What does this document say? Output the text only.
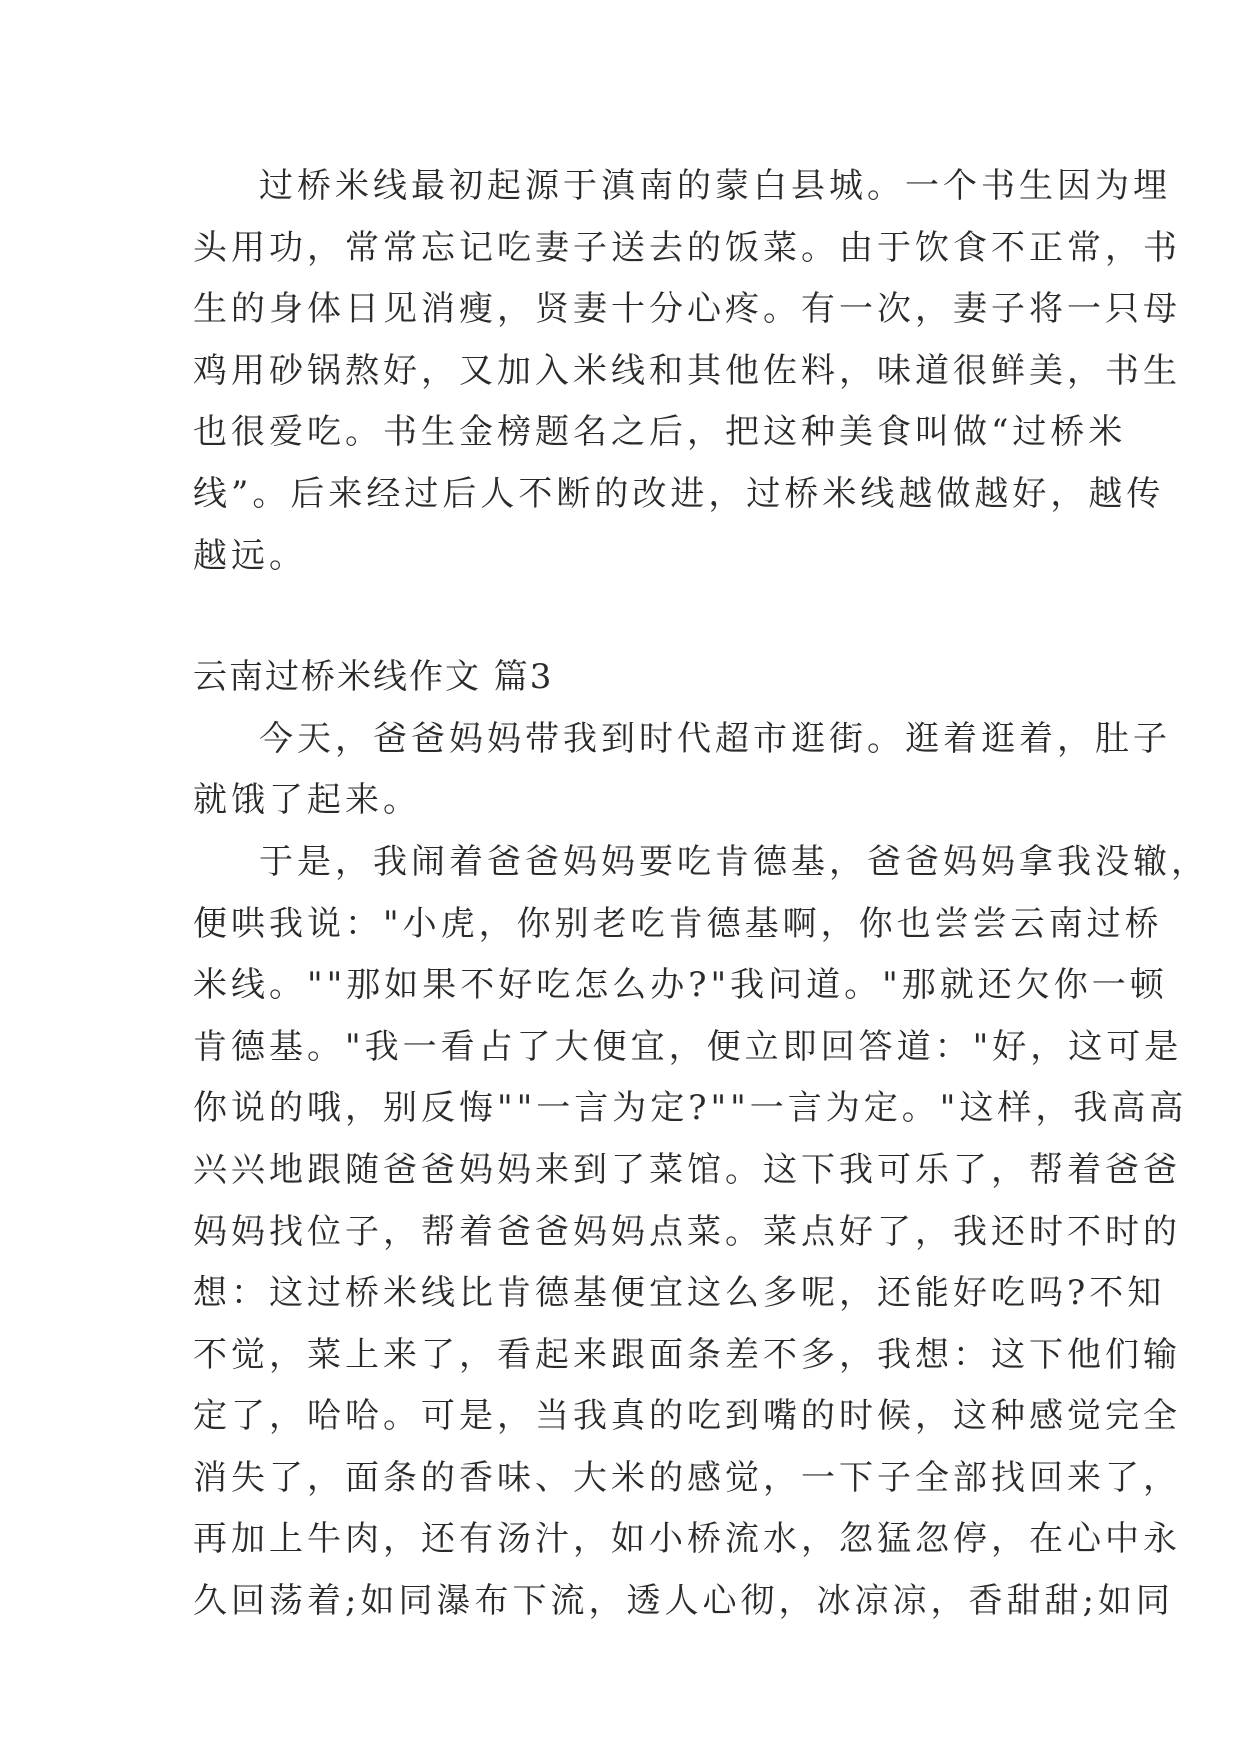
过桥米线最初起源于滇南的蒙白县城。一个书生因为埋
头用功，常常忘记吃妻子送去的饭菜。由于饮食不正常，书
生的身体日见消瘦，贤妻十分心疼。有一次，妻子将一只母
鸡用砂锅熬好，又加入米线和其他佐料，味道很鲜美，书生
也很爱吃。书生金榜题名之后，把这种美食叫做“过桥米
线”。后来经过后人不断的改进，过桥米线越做越好，越传
越远。
云南过桥米线作文 篇3
今天，爸爸妈妈带我到时代超市逛街。逛着逛着，肚子
就饿了起来。
于是，我闹着爸爸妈妈要吃肯德基，爸爸妈妈拿我没辙，
便哄我说："小虎，你别老吃肯德基啊，你也尝尝云南过桥
米线。""那如果不好吃怎么办?"我问道。"那就还欠你一顿
肯德基。"我一看占了大便宜，便立即回答道："好，这可是
你说的哦，别反悔""一言为定?""一言为定。"这样，我高高
兴兴地跟随爸爸妈妈来到了菜馆。这下我可乐了，帮着爸爸
妈妈找位子，帮着爸爸妈妈点菜。菜点好了，我还时不时的
想：这过桥米线比肯德基便宜这么多呢，还能好吃吗?不知
不觉，菜上来了，看起来跟面条差不多，我想：这下他们输
定了，哈哈。可是，当我真的吃到嘴的时候，这种感觉完全
消失了，面条的香味、大米的感觉，一下子全部找回来了，
再加上牛肉，还有汤汁，如小桥流水，忽猛忽停，在心中永
久回荡着;如同瀑布下流，透人心彻，冰凉凉，香甜甜;如同
